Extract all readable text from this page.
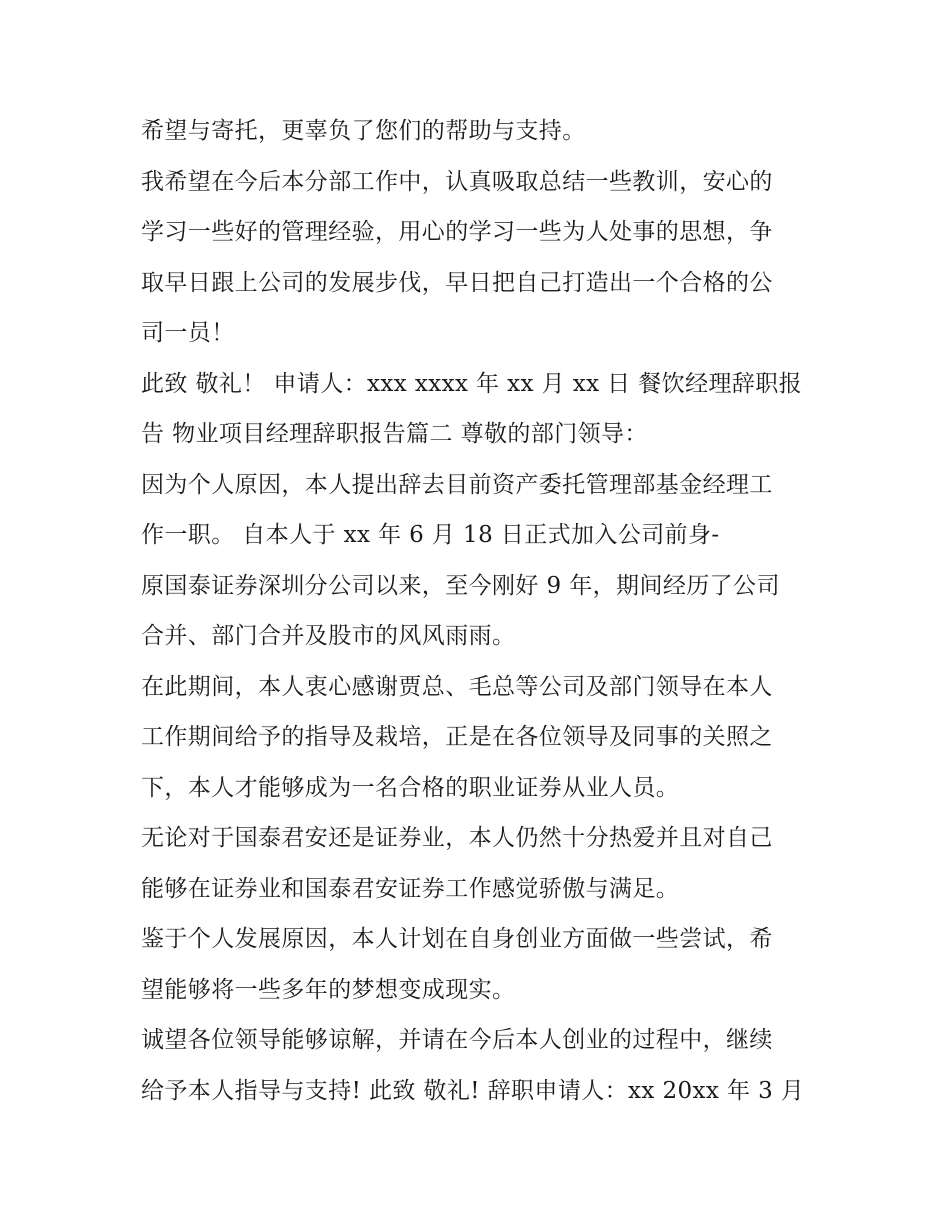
希望与寄托，更辜负了您们的帮助与支持。
我希望在今后本分部工作中，认真吸取总结一些教训，安心的
学习一些好的管理经验，用心的学习一些为人处事的思想，争
取早日跟上公司的发展步伐，早日把自己打造出一个合格的公
司一员！
此致 敬礼！ 申请人：xxx xxxx 年 xx 月 xx 日 餐饮经理辞职报
告 物业项目经理辞职报告篇二 尊敬的部门领导：
因为个人原因，本人提出辞去目前资产委托管理部基金经理工
作一职。 自本人于 xx 年 6 月 18 日正式加入公司前身-
原国泰证券深圳分公司以来，至今刚好 9 年，期间经历了公司
合并、部门合并及股市的风风雨雨。
在此期间，本人衷心感谢贾总、毛总等公司及部门领导在本人
工作期间给予的指导及栽培，正是在各位领导及同事的关照之
下，本人才能够成为一名合格的职业证券从业人员。
无论对于国泰君安还是证券业，本人仍然十分热爱并且对自己
能够在证券业和国泰君安证券工作感觉骄傲与满足。
鉴于个人发展原因，本人计划在自身创业方面做一些尝试，希
望能够将一些多年的梦想变成现实。
诚望各位领导能够谅解，并请在今后本人创业的过程中，继续
给予本人指导与支持! 此致 敬礼! 辞职申请人：xx 20xx 年 3 月
